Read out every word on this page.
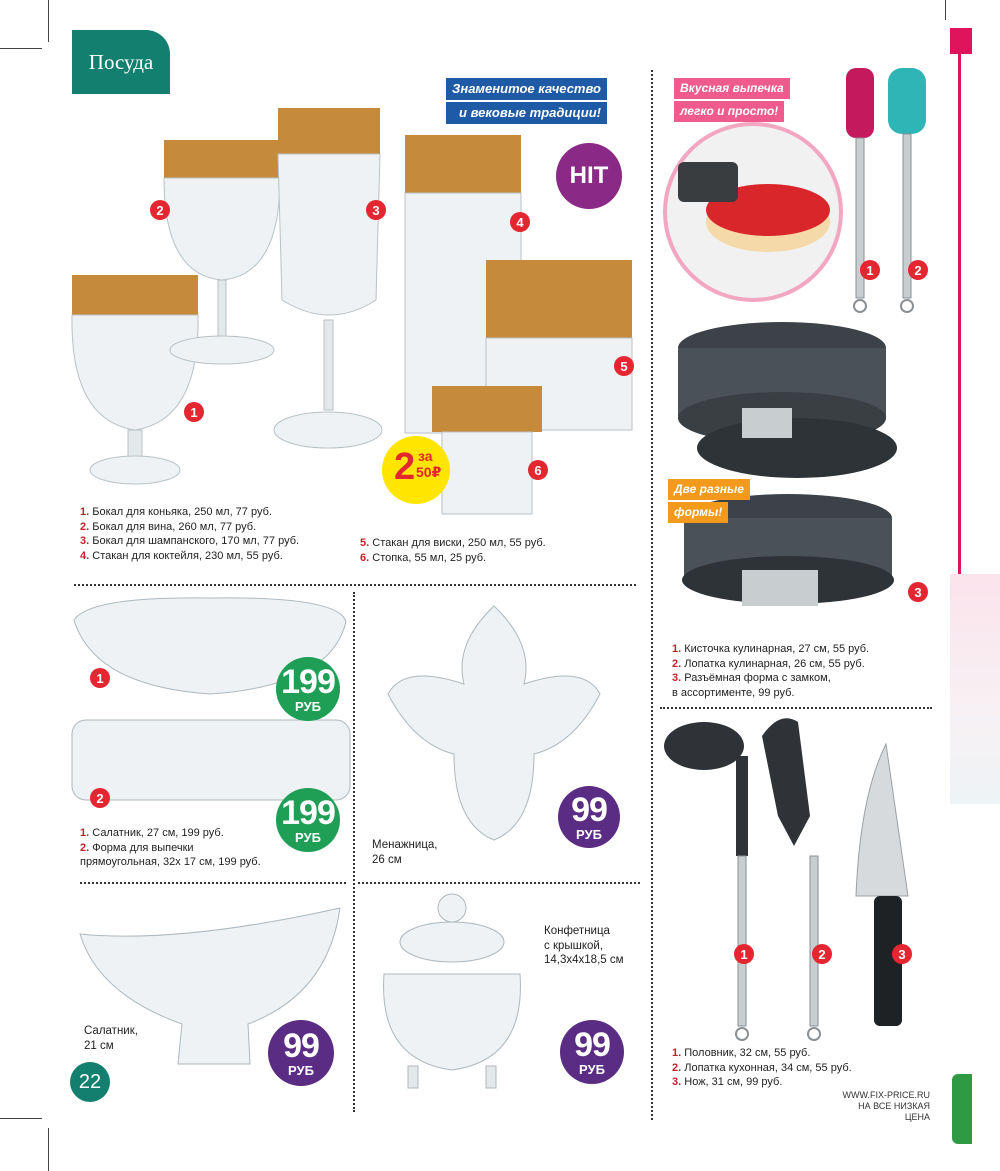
Посуда
Знаменитое качество
и вековые традиции!
HIT
1
2	3
4
5
6
2 за
50₽
1. Бокал для коньяка, 250 мл, 77 руб.
2. Бокал для вина, 260 мл, 77 руб.
3. Бокал для шампанского, 170 мл, 77 руб.
4. Стакан для коктейля, 230 мл, 55 руб.
5. Стакан для виски, 250 мл, 55 руб.
6. Стопка, 55 мл, 25 руб.
Вкусная выпечка
легко и просто!
1	2
Две разные
формы!
3
1. Кисточка кулинарная, 27 см, 55 руб.
2. Лопатка кулинарная, 26 см, 55 руб.
3. Разъёмная форма с замком,
в ассортименте, 99 руб.
1
2
199
РУБ
199
РУБ
1. Салатник, 27 см, 199 руб.
2. Форма для выпечки
прямоугольная, 32х 17 см, 199 руб.
99
РУБ
Менажница,
26 см
Салатник,
21 см	99
РУБ
Конфетница
с крышкой,
14,3х4х18,5 см
99
РУБ
1	2	3
1. Половник, 32 см, 55 руб.
2. Лопатка кухонная, 34 см, 55 руб.
3. Нож, 31 см, 99 руб.
WWW.FIX-PRICE.RU
НА ВСЕ НИЗКАЯ ЦЕНА
22
